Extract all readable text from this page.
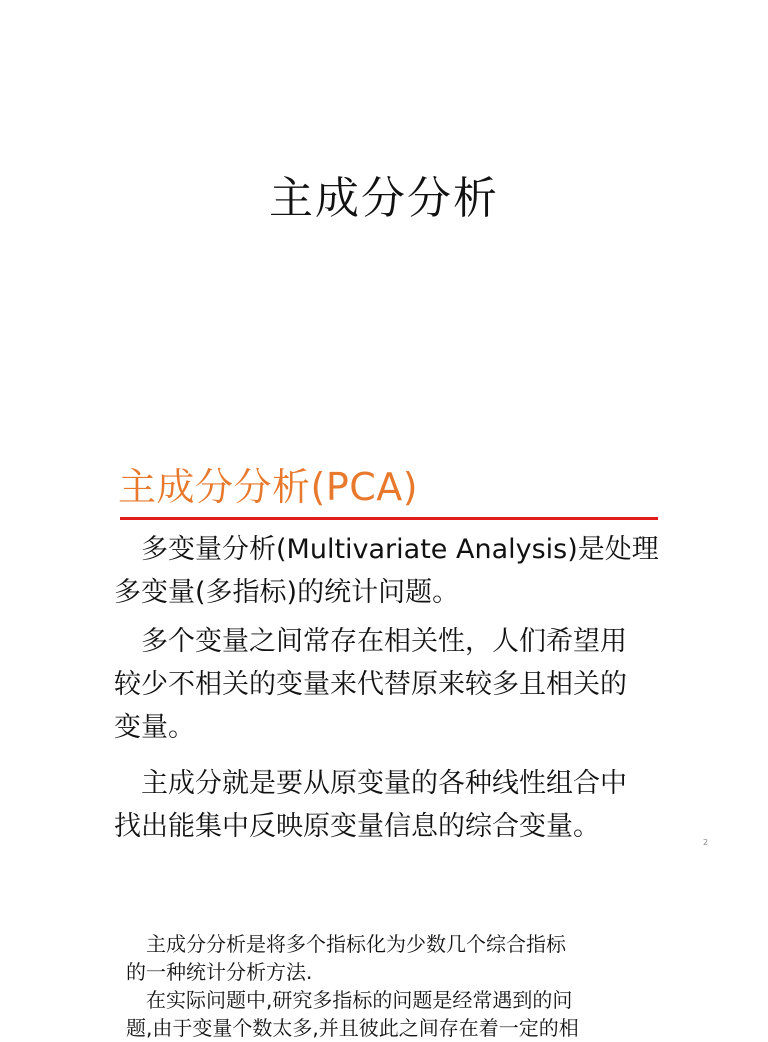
主成分分析
主成分分析(PCA)
　多变量分析(Multivariate Analysis)是处理
多变量(多指标)的统计问题。
　多个变量之间常存在相关性，人们希望用
较少不相关的变量来代替原来较多且相关的
变量。
　主成分就是要从原变量的各种线性组合中
找出能集中反映原变量信息的综合变量。
2
　主成分分析是将多个指标化为少数几个综合指标
的一种统计分析方法.
　在实际问题中,研究多指标的问题是经常遇到的问
题,由于变量个数太多,并且彼此之间存在着一定的相
